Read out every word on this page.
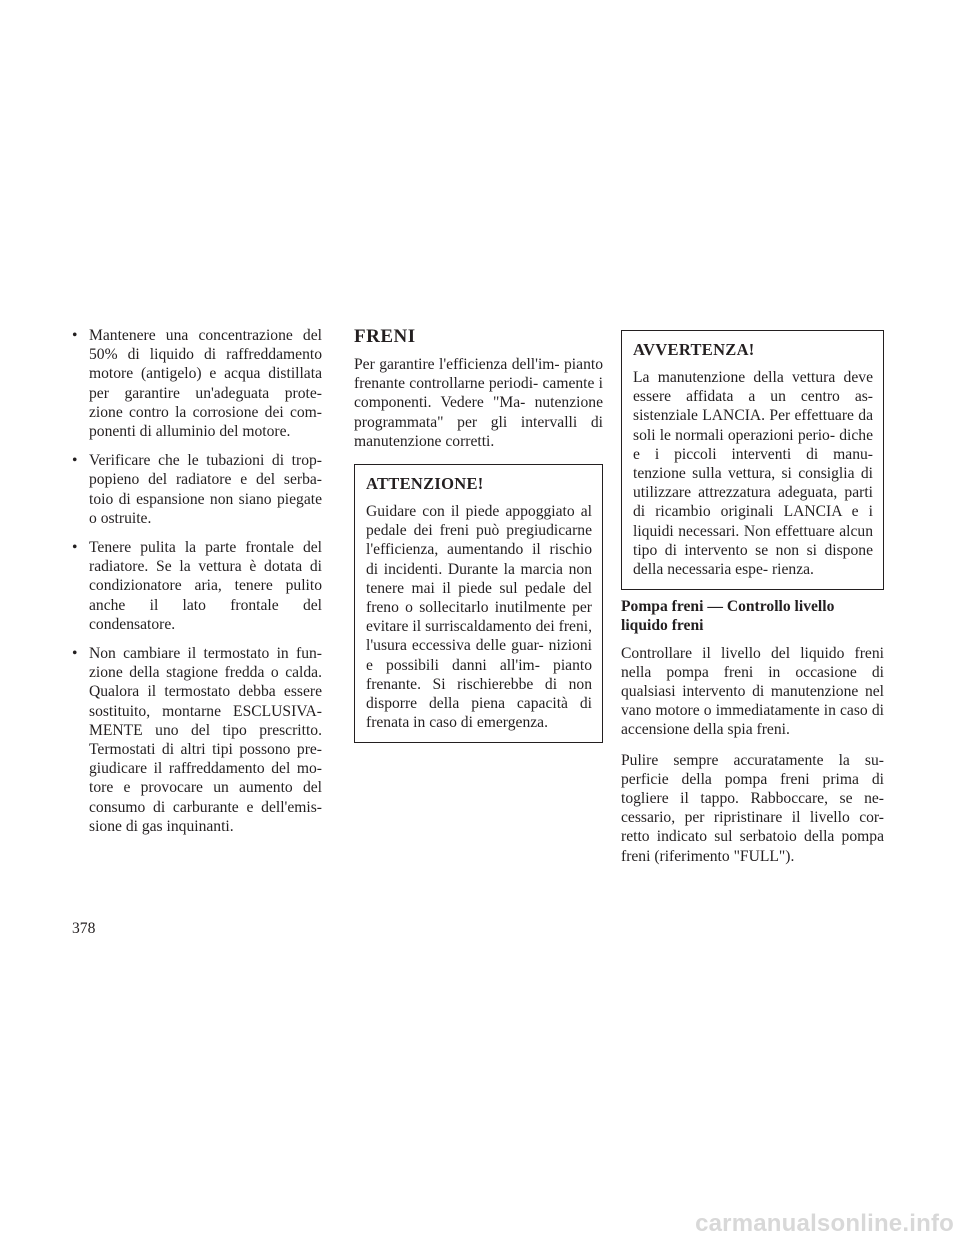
• Mantenere una concentrazione del 50% di liquido di raffreddamento motore (antigelo) e acqua distillata per garantire un'adeguata prote- zione contro la corrosione dei com- ponenti di alluminio del motore.
• Verificare che le tubazioni di trop- popieno del radiatore e del serba- toio di espansione non siano piegate o ostruite.
• Tenere pulita la parte frontale del radiatore. Se la vettura è dotata di condizionatore aria, tenere pulito anche il lato frontale del condensatore.
• Non cambiare il termostato in fun- zione della stagione fredda o calda. Qualora il termostato debba essere sostituito, montarne ESCLUSIVA- MENTE uno del tipo prescritto. Termostati di altri tipi possono pre- giudicare il raffreddamento del mo- tore e provocare un aumento del consumo di carburante e dell'emis- sione di gas inquinanti.
FRENI

Per garantire l'efficienza dell'im- pianto frenante controllarne periodi- camente i componenti. Vedere "Ma- nutenzione programmata" per gli intervalli di manutenzione corretti.

ATTENZIONE!

Guidare con il piede appoggiato al pedale dei freni può pregiudicarne l'efficienza, aumentando il rischio di incidenti. Durante la marcia non tenere mai il piede sul pedale del freno o sollecitarlo inutilmente per evitare il surriscaldamento dei freni, l'usura eccessiva delle guar- nizioni e possibili danni all'im- pianto frenante. Si rischierebbe di non disporre della piena capacità di frenata in caso di emergenza.

AVVERTENZA!

La manutenzione della vettura deve essere affidata a un centro as- sistenziale LANCIA. Per effettuare da soli le normali operazioni perio- diche e i piccoli interventi di manu- tenzione sulla vettura, si consiglia di utilizzare attrezzatura adeguata, parti di ricambio originali LANCIA e i liquidi necessari. Non effettuare alcun tipo di intervento se non si dispone della necessaria espe- rienza.

Pompa freni — Controllo livello liquido freni

Controllare il livello del liquido freni nella pompa freni in occasione di qualsiasi intervento di manutenzione nel vano motore o immediatamente in caso di accensione della spia freni.

Pulire sempre accuratamente la su- perficie della pompa freni prima di togliere il tappo. Rabboccare, se ne- cessario, per ripristinare il livello cor- retto indicato sul serbatoio della pompa freni (riferimento "FULL").

378
carmanualsonline.info
